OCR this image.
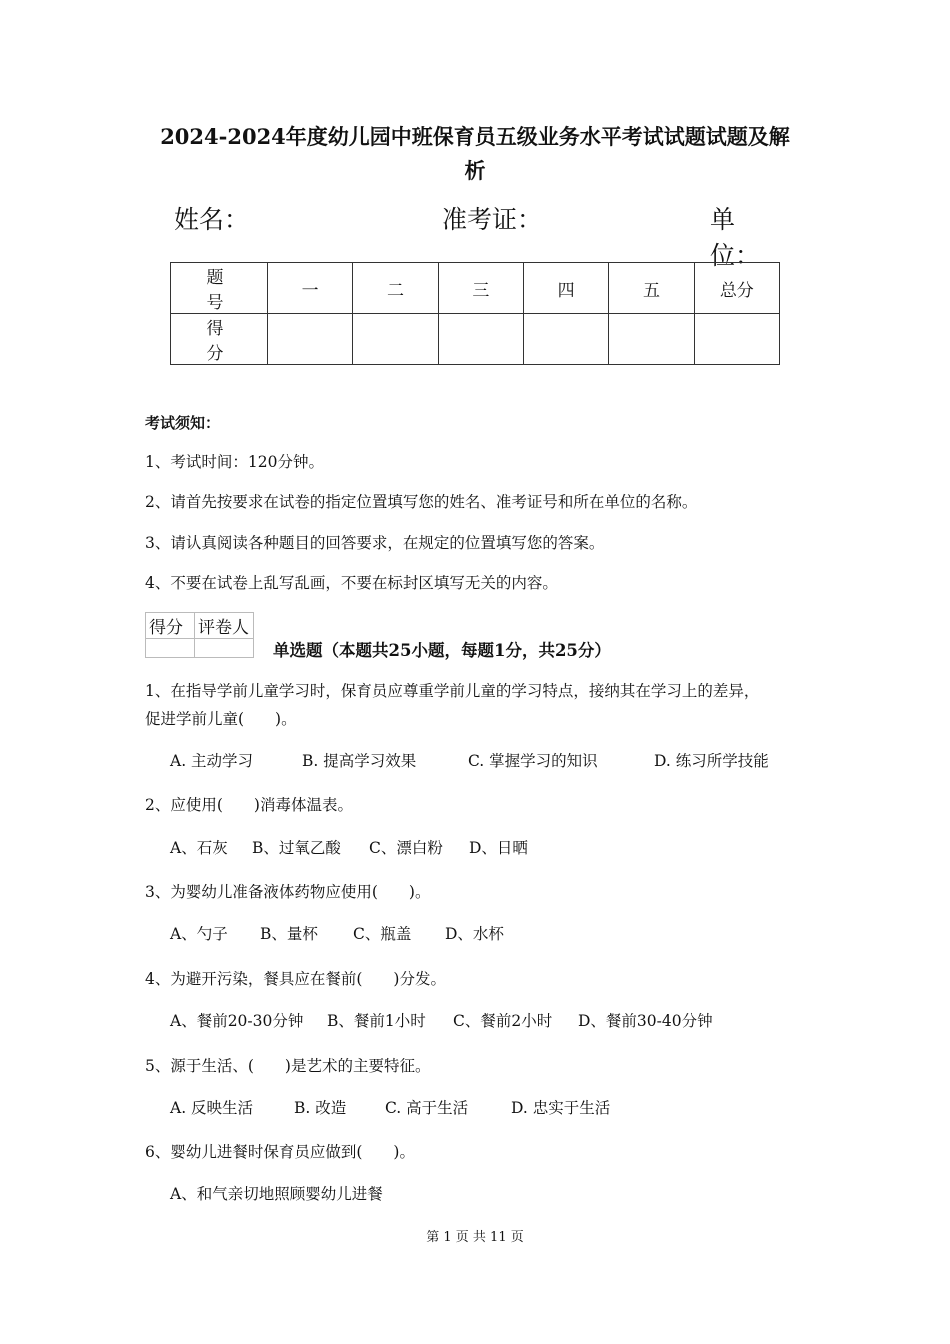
2024-2024年度幼儿园中班保育员五级业务水平考试试题试题及解
析
姓名：	准考证：	单位：
题　号	一	二	三	四	五	总分
得　分						
考试须知：
1、考试时间：120分钟。
2、请首先按要求在试卷的指定位置填写您的姓名、准考证号和所在单位的名称。
3、请认真阅读各种题目的回答要求，在规定的位置填写您的答案。
4、不要在试卷上乱写乱画，不要在标封区填写无关的内容。
得分	评卷人

单选题（本题共25小题，每题1分，共25分）
1、在指导学前儿童学习时，保育员应尊重学前儿童的学习特点，接纳其在学习上的差异，
促进学前儿童(　　)。
A. 主动学习	B. 提高学习效果	C. 掌握学习的知识	D. 练习所学技能
2、应使用(　　)消毒体温表。
A、石灰 B、过氧乙酸 C、漂白粉 D、日晒
3、为婴幼儿准备液体药物应使用(　　)。
A、勺子 B、量杯 C、瓶盖 D、水杯
4、为避开污染，餐具应在餐前(　　)分发。
A、餐前20-30分钟 B、餐前1小时 C、餐前2小时 D、餐前30-40分钟
5、源于生活、(　　)是艺术的主要特征。
A. 反映生活	B. 改造	C. 高于生活	D. 忠实于生活
6、婴幼儿进餐时保育员应做到(　　)。
A、和气亲切地照顾婴幼儿进餐
第 1 页 共 11 页
